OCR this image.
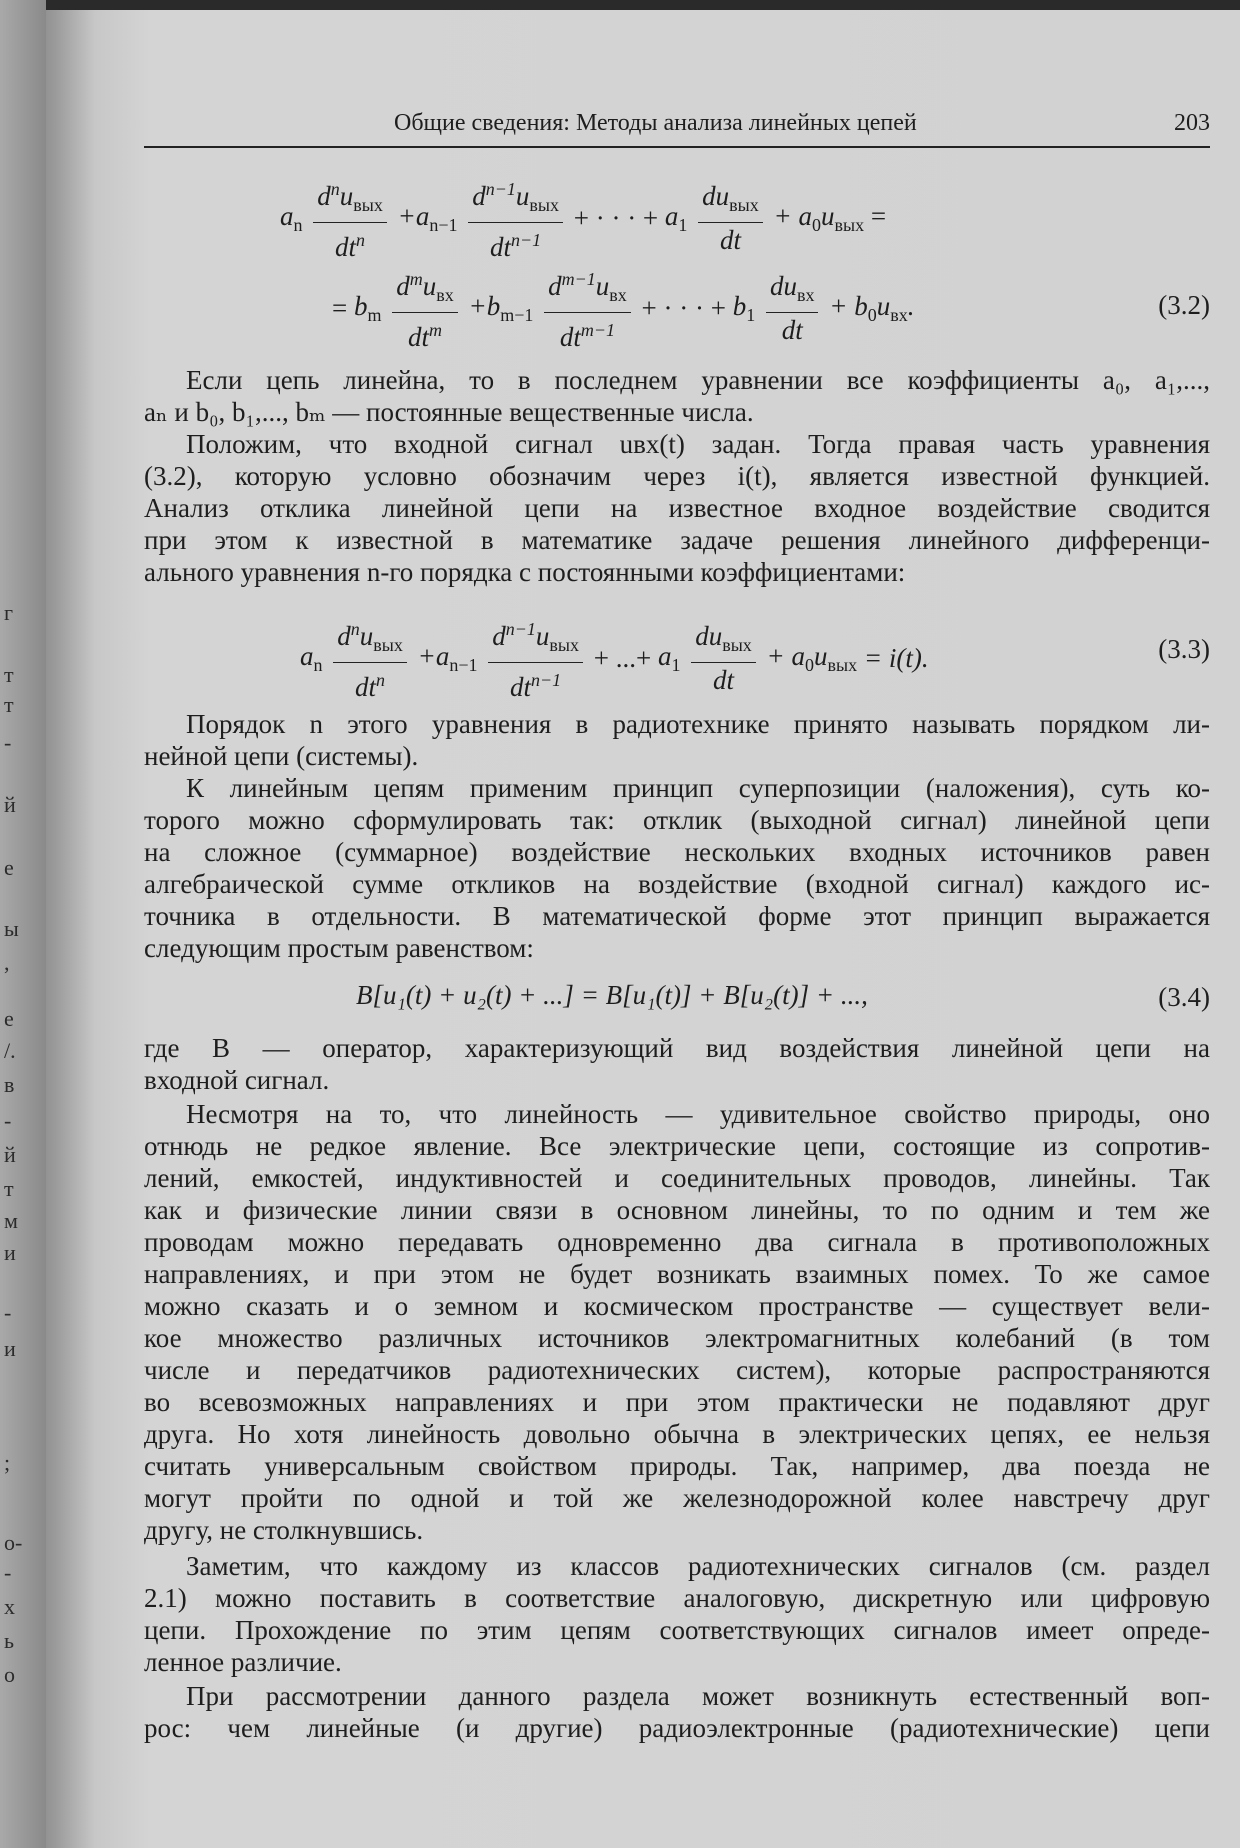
г
т
т
-
й
е
ы
,
е
/.
в
-
й
т
м
и
-
и
;
о-
-
х
ь
о
Общие сведения: Методы анализа линейных цепей	203
$a_n \frac{d^nu_{вых}}{dt^n} +a_{n-1} \frac{d^{n-1}u_{вых}}{dt^{n-1}}$ + · · · + $a_1 \frac{du_{вых}}{dt} + a_0u_{вых}$ =
= $b_m \frac{d^mu_{вх}}{dt^m} +b_{m-1} \frac{d^{m-1}u_{вх}}{dt^{m-1}}$ + · · · + $b_1 \frac{du_{вх}}{dt} + b_0u_{вх}$.	(3.2)
Если цепь линейна, то в последнем уравнении все коэффициенты a₀, a₁,...,
aₙ и b₀, b₁,..., bₘ — постоянные вещественные числа.
Положим, что входной сигнал uвх(t) задан. Тогда правая часть уравнения
(3.2), которую условно обозначим через i(t), является известной функцией.
Анализ отклика линейной цепи на известное входное воздействие сводится
при этом к известной в математике задаче решения линейного дифференци-
ального уравнения n-го порядка с постоянными коэффициентами:
$a_n \frac{d^nu_{вых}}{dt^n} +a_{n-1} \frac{d^{n-1}u_{вых}}{dt^{n-1}}$ + ...+ $a_1 \frac{du_{вых}}{dt} + a_0u_{вых} = i(t)$.	(3.3)
Порядок n этого уравнения в радиотехнике принято называть порядком ли-
нейной цепи (системы).
К линейным цепям применим принцип суперпозиции (наложения), суть ко-
торого можно сформулировать так: отклик (выходной сигнал) линейной цепи
на сложное (суммарное) воздействие нескольких входных источников равен
алгебраической сумме откликов на воздействие (входной сигнал) каждого ис-
точника в отдельности. В математической форме этот принцип выражается
следующим простым равенством:
B[u₁(t) + u₂(t) + ...] = B[u₁(t)] + B[u₂(t)] + ...,	(3.4)
где B — оператор, характеризующий вид воздействия линейной цепи на
входной сигнал.
Несмотря на то, что линейность — удивительное свойство природы, оно
отнюдь не редкое явление. Все электрические цепи, состоящие из сопротив-
лений, емкостей, индуктивностей и соединительных проводов, линейны. Так
как и физические линии связи в основном линейны, то по одним и тем же
проводам можно передавать одновременно два сигнала в противоположных
направлениях, и при этом не будет возникать взаимных помех. То же самое
можно сказать и о земном и космическом пространстве — существует вели-
кое множество различных источников электромагнитных колебаний (в том
числе и передатчиков радиотехнических систем), которые распространяются
во всевозможных направлениях и при этом практически не подавляют друг
друга. Но хотя линейность довольно обычна в электрических цепях, ее нельзя
считать универсальным свойством природы. Так, например, два поезда не
могут пройти по одной и той же железнодорожной колее навстречу друг
другу, не столкнувшись.
Заметим, что каждому из классов радиотехнических сигналов (см. раздел
2.1) можно поставить в соответствие аналоговую, дискретную или цифровую
цепи. Прохождение по этим цепям соответствующих сигналов имеет опреде-
ленное различие.
При рассмотрении данного раздела может возникнуть естественный воп-
рос: чем линейные (и другие) радиоэлектронные (радиотехнические) цепи
